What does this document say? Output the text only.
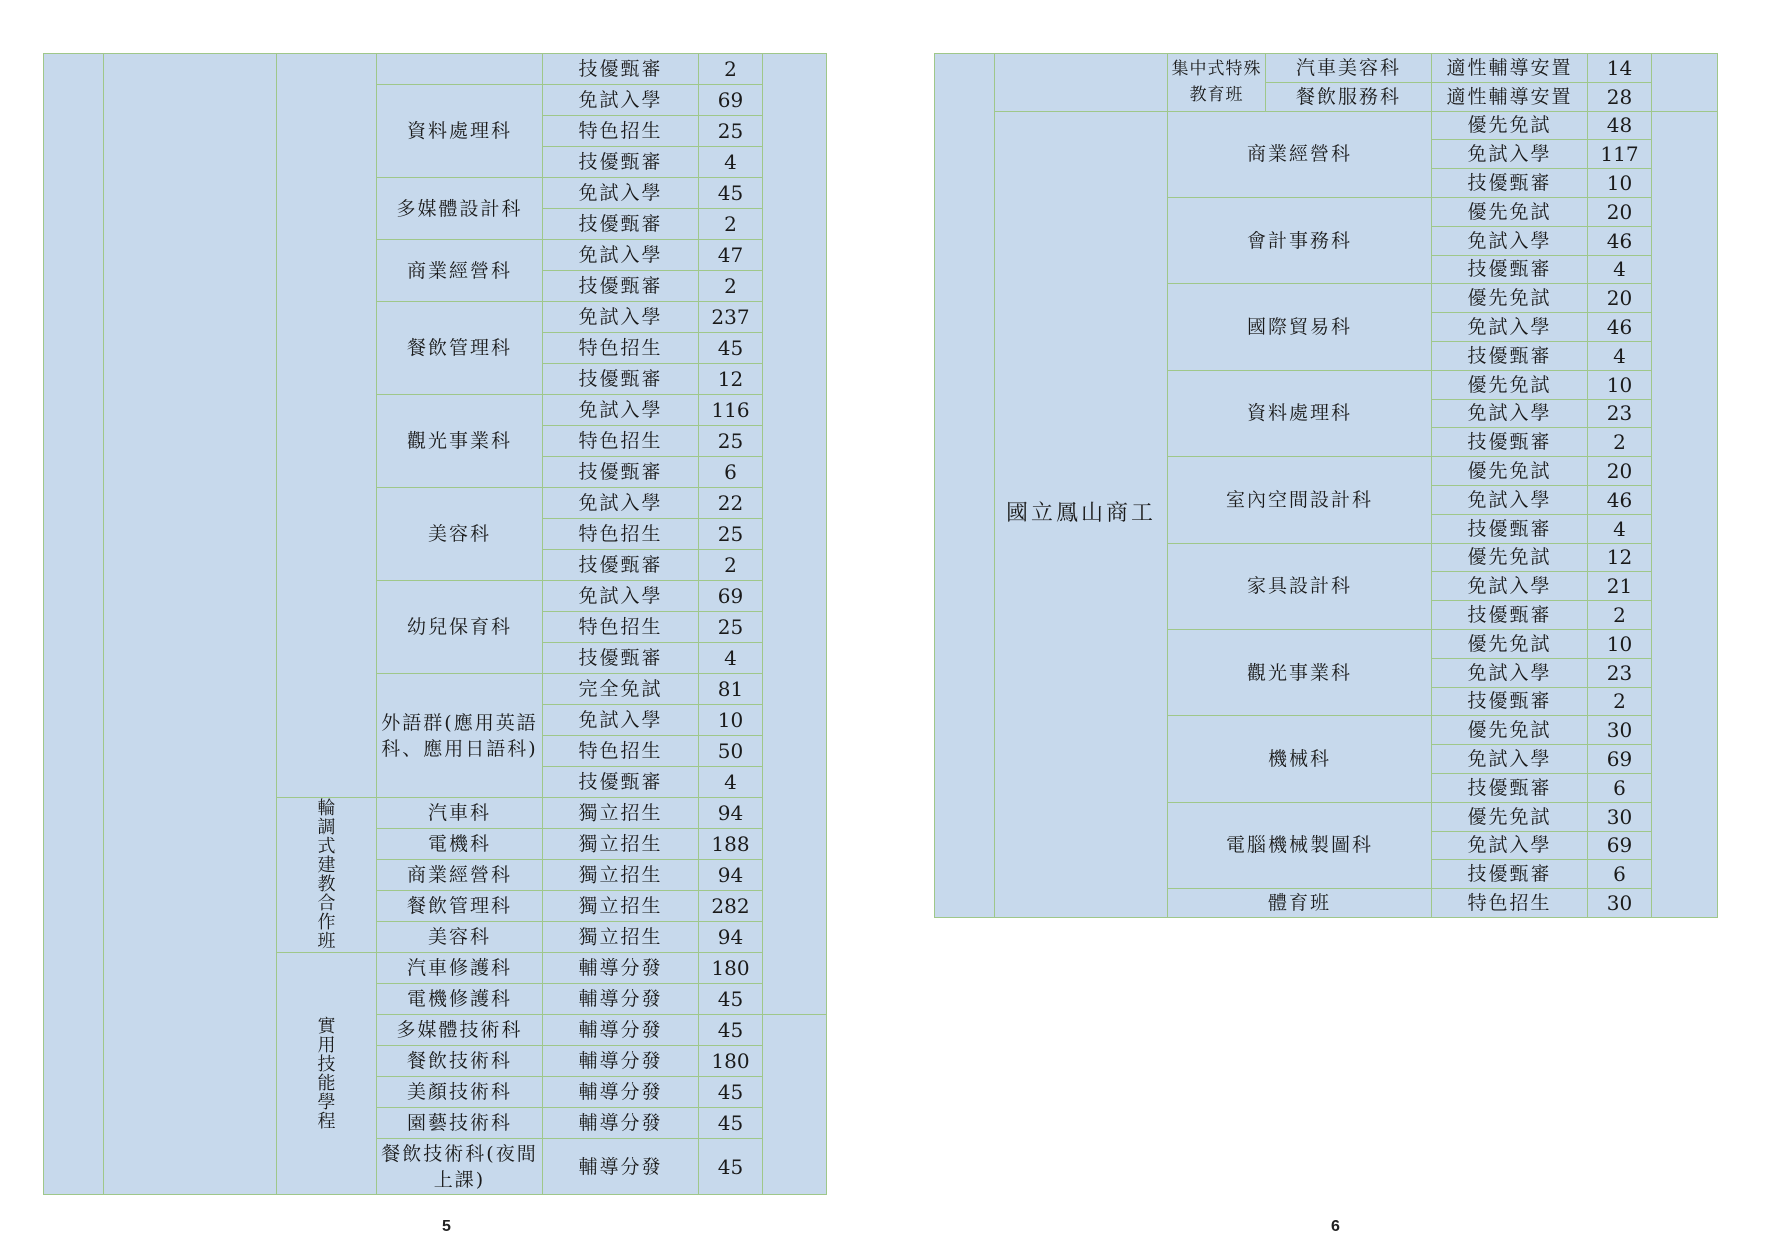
				技優甄審	2	
			資料處理科	免試入學	69	
				特色招生	25	
				技優甄審	4	
			多媒體設計科	免試入學	45	
				技優甄審	2	
			商業經營科	免試入學	47	
				技優甄審	2	
			餐飲管理科	免試入學	237	
				特色招生	45	
				技優甄審	12	
			觀光事業科	免試入學	116	
				特色招生	25	
				技優甄審	6	
			美容科	免試入學	22	
				特色招生	25	
				技優甄審	2	
			幼兒保育科	免試入學	69	
				特色招生	25	
				技優甄審	4	
			外語群(應用英語科、應用日語科)	完全免試	81	
				免試入學	10	
				特色招生	50	
				技優甄審	4	
		輪調式建教合作班	汽車科	獨立招生	94	
			電機科	獨立招生	188	
			商業經營科	獨立招生	94	
			餐飲管理科	獨立招生	282	
			美容科	獨立招生	94	
		實用技能學程	汽車修護科	輔導分發	180	
			電機修護科	輔導分發	45	
			多媒體技術科	輔導分發	45	
			餐飲技術科	輔導分發	180	
			美顏技術科	輔導分發	45	
			園藝技術科	輔導分發	45	
			餐飲技術科(夜間上課)	輔導分發	45	
5
		集中式特殊教育班	汽車美容科	適性輔導安置	14	
			餐飲服務科	適性輔導安置	28	
	國立鳳山商工	商業經營科		優先免試	48	
				免試入學	117	
				技優甄審	10	
		會計事務科		優先免試	20	
				免試入學	46	
				技優甄審	4	
		國際貿易科		優先免試	20	
				免試入學	46	
				技優甄審	4	
		資料處理科		優先免試	10	
				免試入學	23	
				技優甄審	2	
		室內空間設計科		優先免試	20	
				免試入學	46	
				技優甄審	4	
		家具設計科		優先免試	12	
				免試入學	21	
				技優甄審	2	
		觀光事業科		優先免試	10	
				免試入學	23	
				技優甄審	2	
		機械科		優先免試	30	
				免試入學	69	
				技優甄審	6	
		電腦機械製圖科		優先免試	30	
				免試入學	69	
				技優甄審	6	
		體育班		特色招生	30	
6
